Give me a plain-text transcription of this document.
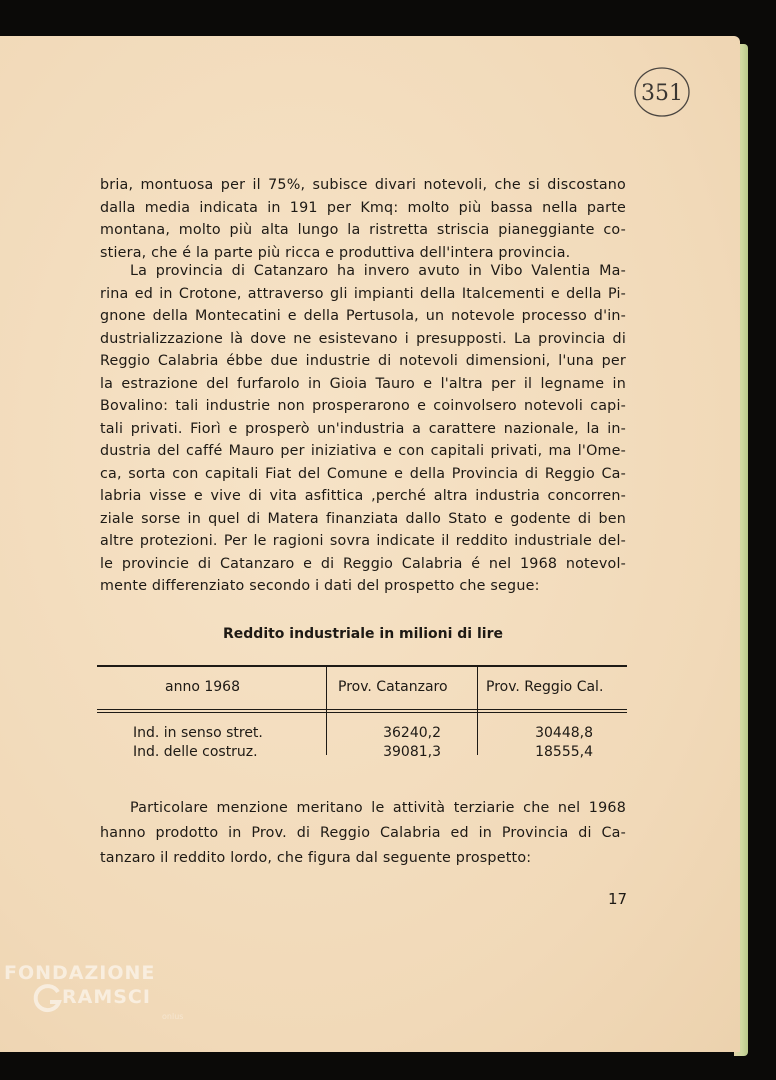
351
bria, montuosa per il 75%, subisce divari notevoli, che si discostano
dalla media indicata in 191 per Kmq: molto più bassa nella parte
montana, molto più alta lungo la ristretta striscia pianeggiante co-
stiera, che é la parte più ricca e produttiva dell'intera provincia.
La provincia di Catanzaro ha invero avuto in Vibo Valentia Ma-
rina ed in Crotone, attraverso gli impianti della Italcementi e della Pi-
gnone della Montecatini e della Pertusola, un notevole processo d'in-
dustrializzazione là dove ne esistevano i presupposti. La provincia di
Reggio Calabria ébbe due industrie di notevoli dimensioni, l'una per
la estrazione del furfarolo in Gioia Tauro e l'altra per il legname in
Bovalino: tali industrie non prosperarono e coinvolsero notevoli capi-
tali privati. Fiorì e prosperò un'industria a carattere nazionale, la in-
dustria del caffé Mauro per iniziativa e con capitali privati, ma l'Ome-
ca, sorta con capitali Fiat del Comune e della Provincia di Reggio Ca-
labria visse e vive di vita asfittica ,perché altra industria concorren-
ziale sorse in quel di Matera finanziata dallo Stato e godente di ben
altre protezioni. Per le ragioni sovra indicate il reddito industriale del-
le provincie di Catanzaro e di Reggio Calabria é nel 1968 notevol-
mente differenziato secondo i dati del prospetto che segue:
Reddito industriale in milioni di lire
anno 1968	Prov. Catanzaro	Prov. Reggio Cal.
Ind. in senso stret.	36240,2	30448,8
Ind. delle costruz.	39081,3	18555,4
Particolare menzione meritano le attività terziarie che nel 1968
hanno prodotto in Prov. di Reggio Calabria ed in Provincia di Ca-
tanzaro il reddito lordo, che figura dal seguente prospetto:
17
FONDAZIONE
RAMSCI
onlus
